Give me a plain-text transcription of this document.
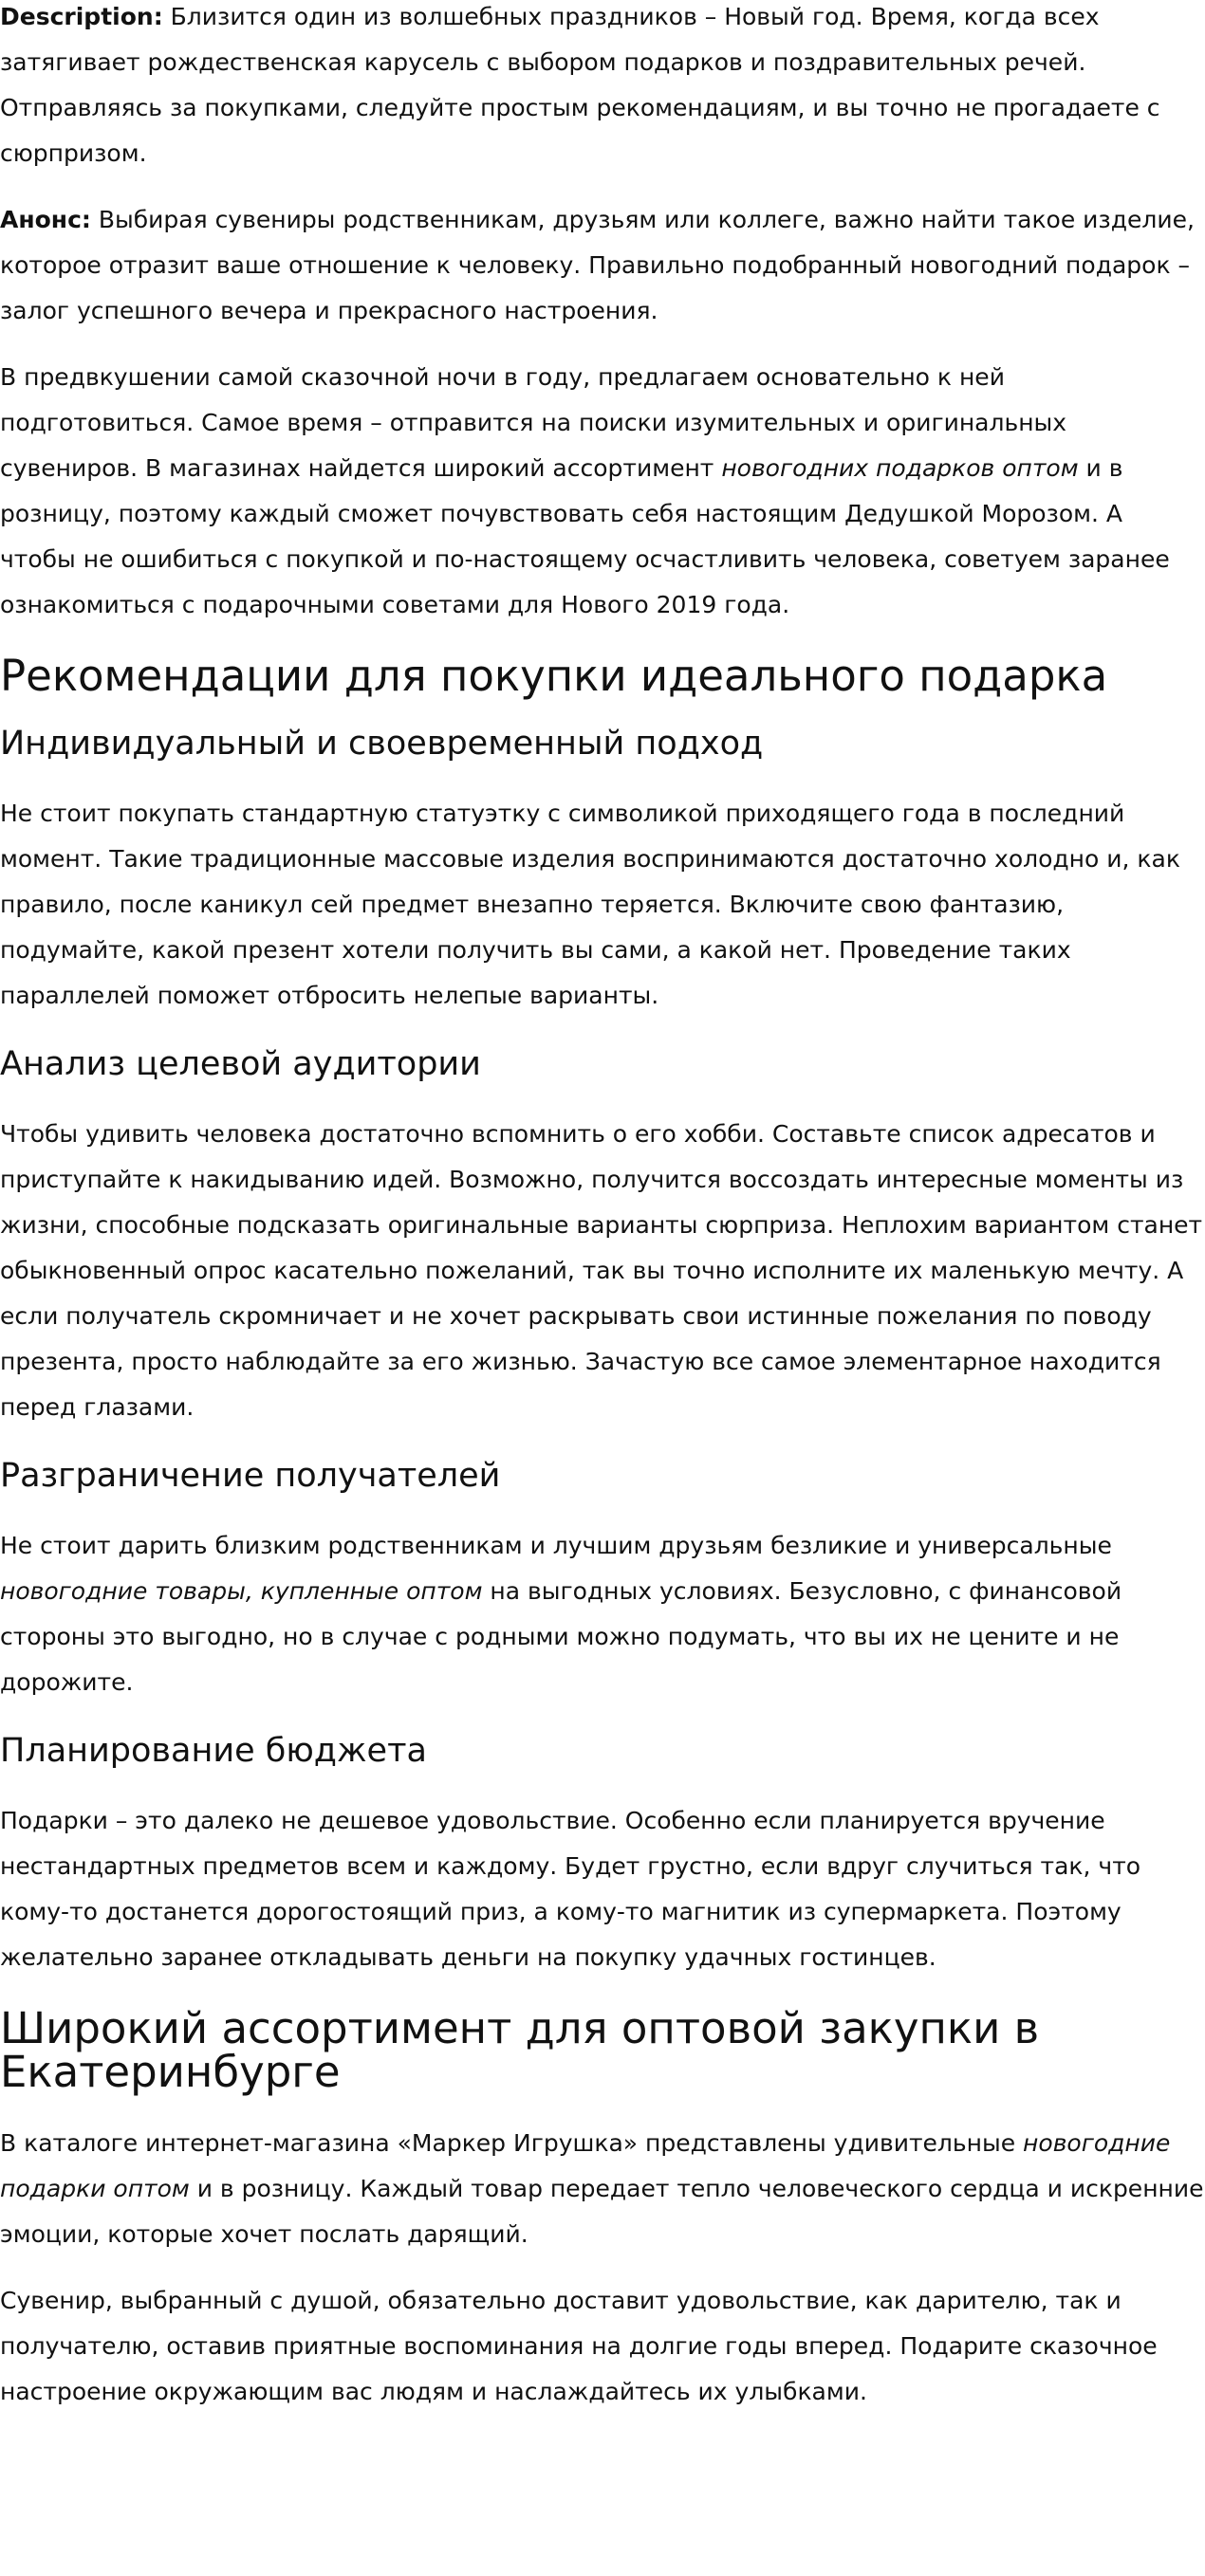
Description: Близится один из волшебных праздников – Новый год. Время, когда всех затягивает рождественская карусель с выбором подарков и поздравительных речей. Отправляясь за покупками, следуйте простым рекомендациям, и вы точно не прогадаете с сюрпризом.

Анонс: Выбирая сувениры родственникам, друзьям или коллеге, важно найти такое изделие, которое отразит ваше отношение к человеку. Правильно подобранный новогодний подарок – залог успешного вечера и прекрасного настроения.

В предвкушении самой сказочной ночи в году, предлагаем основательно к ней подготовиться. Самое время – отправится на поиски изумительных и оригинальных сувениров. В магазинах найдется широкий ассортимент новогодних подарков оптом и в розницу, поэтому каждый сможет почувствовать себя настоящим Дедушкой Морозом. А чтобы не ошибиться с покупкой и по-настоящему осчастливить человека, советуем заранее ознакомиться с подарочными советами для Нового 2019 года.

Рекомендации для покупки идеального подарка
Индивидуальный и своевременный подход

Не стоит покупать стандартную статуэтку с символикой приходящего года в последний момент. Такие традиционные массовые изделия воспринимаются достаточно холодно и, как правило, после каникул сей предмет внезапно теряется. Включите свою фантазию, подумайте, какой презент хотели получить вы сами, а какой нет. Проведение таких параллелей поможет отбросить нелепые варианты.

Анализ целевой аудитории

Чтобы удивить человека достаточно вспомнить о его хобби. Составьте список адресатов и приступайте к накидыванию идей. Возможно, получится воссоздать интересные моменты из жизни, способные подсказать оригинальные варианты сюрприза. Неплохим вариантом станет обыкновенный опрос касательно пожеланий, так вы точно исполните их маленькую мечту. А если получатель скромничает и не хочет раскрывать свои истинные пожелания по поводу презента, просто наблюдайте за его жизнью. Зачастую все самое элементарное находится перед глазами.

Разграничение получателей

Не стоит дарить близким родственникам и лучшим друзьям безликие и универсальные новогодние товары, купленные оптом на выгодных условиях. Безусловно, с финансовой стороны это выгодно, но в случае с родными можно подумать, что вы их не цените и не дорожите.

Планирование бюджета

Подарки – это далеко не дешевое удовольствие. Особенно если планируется вручение нестандартных предметов всем и каждому. Будет грустно, если вдруг случиться так, что кому-то достанется дорогостоящий приз, а кому-то магнитик из супермаркета. Поэтому желательно заранее откладывать деньги на покупку удачных гостинцев.

Широкий ассортимент для оптовой закупки в Екатеринбурге

В каталоге интернет-магазина «Маркер Игрушка» представлены удивительные новогодние подарки оптом и в розницу. Каждый товар передает тепло человеческого сердца и искренние эмоции, которые хочет послать дарящий.

Сувенир, выбранный с душой, обязательно доставит удовольствие, как дарителю, так и получателю, оставив приятные воспоминания на долгие годы вперед. Подарите сказочное настроение окружающим вас людям и наслаждайтесь их улыбками.
